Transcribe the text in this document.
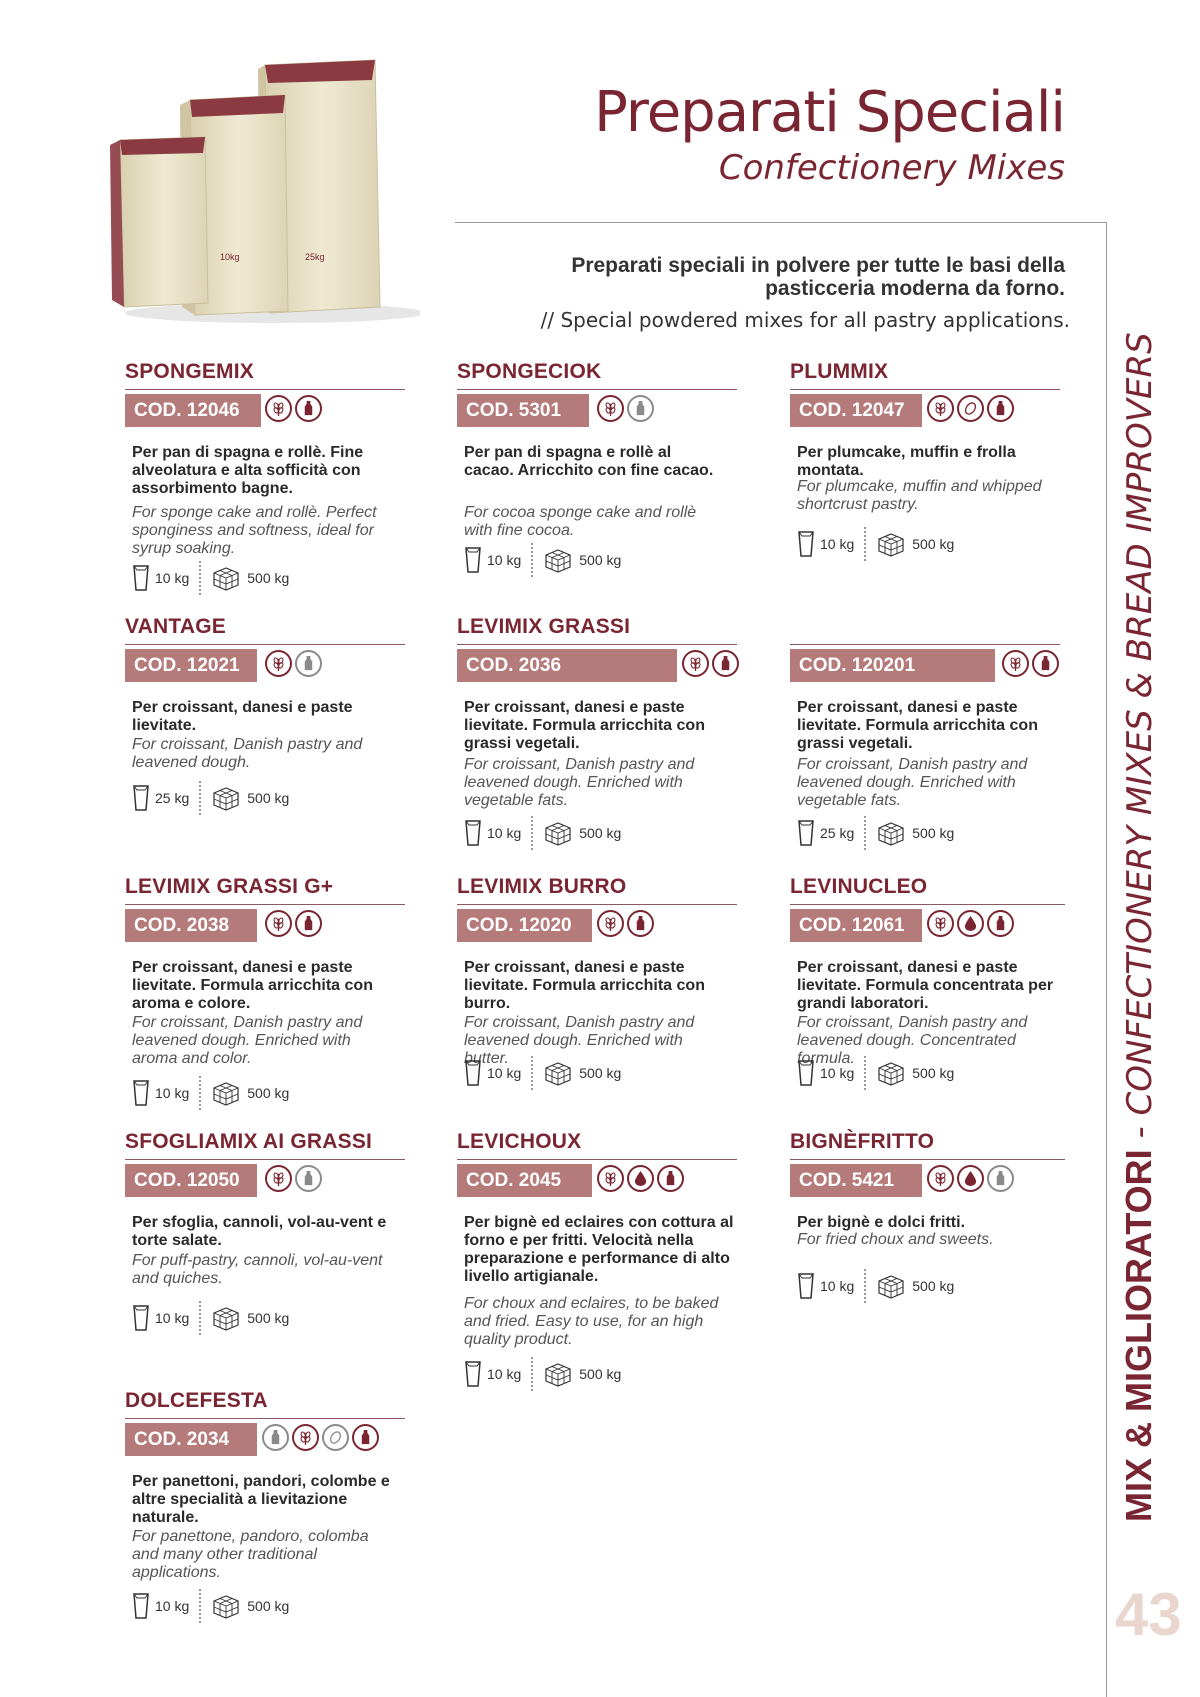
10kg	25kg
Preparati Speciali
Confectionery Mixes
Preparati speciali in polvere per tutte le basi della pasticceria moderna da forno.
// Special powdered mixes for all pastry applications.
MIX & MIGLIORATORI - CONFECTIONERY MIXES & BREAD IMPROVERS
43
SPONGEMIX
COD. 12046
Per pan di spagna e rollè. Fine alveolatura e alta sofficità con assorbimento bagne.
For sponge cake and rollè. Perfect sponginess and softness, ideal for syrup soaking.
10 kg	500 kg
SPONGECIOK
COD. 5301
Per pan di spagna e rollè al cacao. Arricchito con fine cacao.
For cocoa sponge cake and rollè with fine cocoa.
10 kg	500 kg
PLUMMIX
COD. 12047
Per plumcake, muffin e frolla montata.
For plumcake, muffin and whipped shortcrust pastry.
10 kg	500 kg
VANTAGE
COD. 12021
Per croissant, danesi e paste lievitate.
For croissant, Danish pastry and leavened dough.
25 kg	500 kg
LEVIMIX GRASSI
COD. 2036
Per croissant, danesi e paste lievitate. Formula arricchita con grassi vegetali.
For croissant, Danish pastry and leavened dough. Enriched with vegetable fats.
10 kg	500 kg
COD. 120201
Per croissant, danesi e paste lievitate. Formula arricchita con grassi vegetali.
For croissant, Danish pastry and leavened dough. Enriched with vegetable fats.
25 kg	500 kg
LEVIMIX GRASSI G+
COD. 2038
Per croissant, danesi e paste lievitate. Formula arricchita con aroma e colore.
For croissant, Danish pastry and leavened dough. Enriched with aroma and color.
10 kg	500 kg
LEVIMIX BURRO
COD. 12020
Per croissant, danesi e paste lievitate. Formula arricchita con burro.
For croissant, Danish pastry and leavened dough. Enriched with butter.
10 kg	500 kg
LEVINUCLEO
COD. 12061
Per croissant, danesi e paste lievitate. Formula concentrata per grandi laboratori.
For croissant, Danish pastry and leavened dough. Concentrated formula.
10 kg	500 kg
SFOGLIAMIX AI GRASSI
COD. 12050
Per sfoglia, cannoli, vol-au-vent e torte salate.
For puff-pastry, cannoli, vol-au-vent and quiches.
10 kg	500 kg
LEVICHOUX
COD. 2045
Per bignè ed eclaires con cottura al forno e per fritti. Velocità nella preparazione e performance di alto livello artigianale.
For choux and eclaires, to be baked and fried. Easy to use, for an high quality product.
10 kg	500 kg
BIGNÈFRITTO
COD. 5421
Per bignè e dolci fritti.
For fried choux and sweets.
10 kg	500 kg
DOLCEFESTA
COD. 2034
Per panettoni, pandori, colombe e altre specialità a lievitazione naturale.
For panettone, pandoro, colomba and many other traditional applications.
10 kg	500 kg
